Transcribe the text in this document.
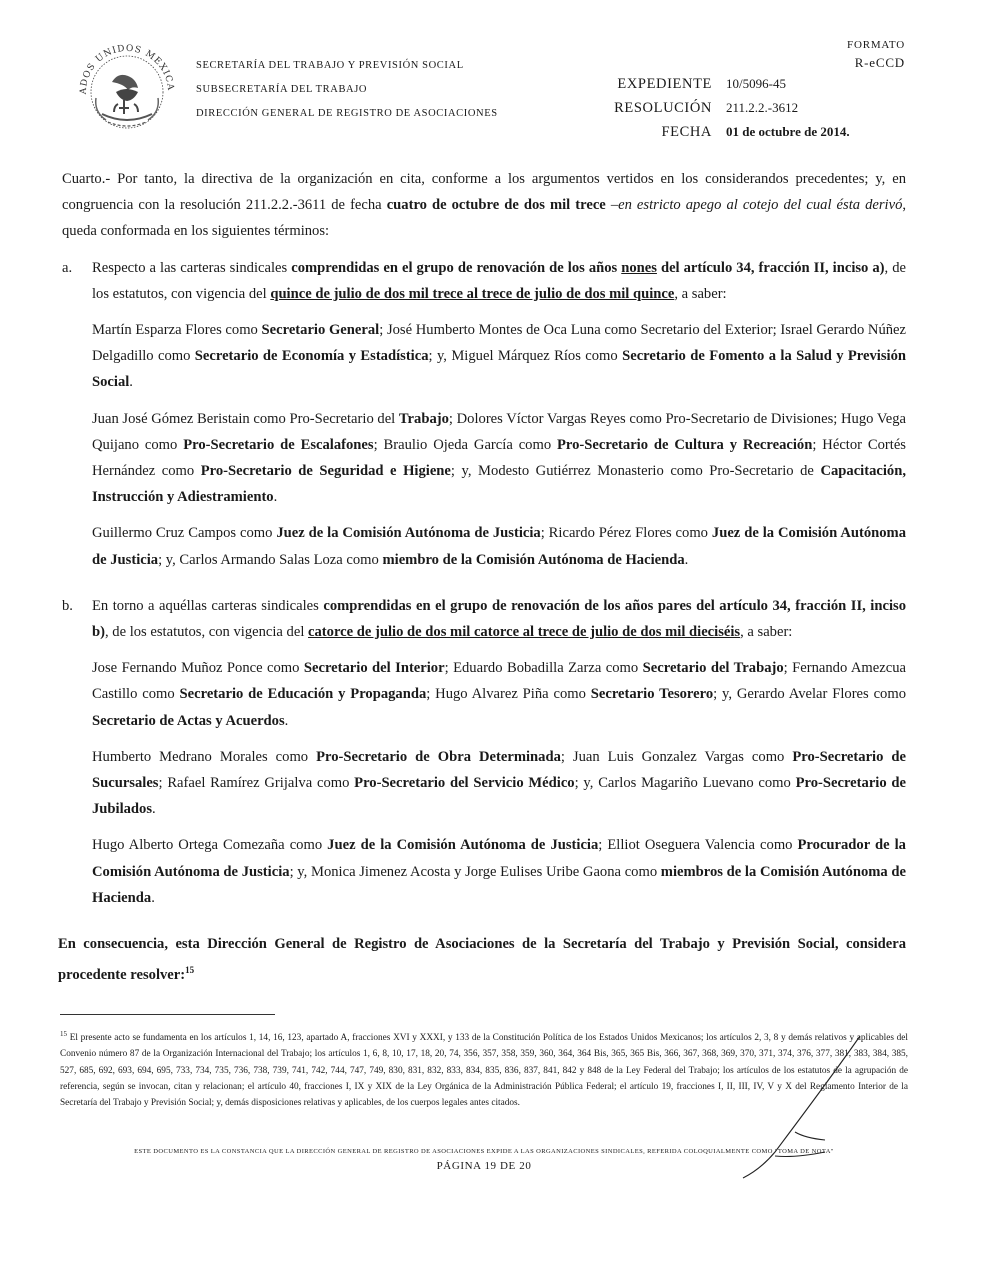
ADOS UNIDOS MEXICA
SECRETARÍA DEL TRABAJO Y PREVISIÓN SOCIAL
SUBSECRETARÍA DEL TRABAJO
DIRECCIÓN GENERAL DE REGISTRO DE ASOCIACIONES
FORMATO
R-eCCD
EXPEDIENTE 10/5096-45
RESOLUCIÓN 211.2.2.-3612
FECHA 01 de octubre de 2014.

Cuarto.- Por tanto, la directiva de la organización en cita, conforme a los argumentos vertidos en los considerandos precedentes; y, en congruencia con la resolución 211.2.2.-3611 de fecha cuatro de octubre de dos mil trece –en estricto apego al cotejo del cual ésta derivó, queda conformada en los siguientes términos:

a.	Respecto a las carteras sindicales comprendidas en el grupo de renovación de los años nones del artículo 34, fracción II, inciso a), de los estatutos, con vigencia del quince de julio de dos mil trece al trece de julio de dos mil quince, a saber:

Martín Esparza Flores como Secretario General; José Humberto Montes de Oca Luna como Secretario del Exterior; Israel Gerardo Núñez Delgadillo como Secretario de Economía y Estadística; y, Miguel Márquez Ríos como Secretario de Fomento a la Salud y Previsión Social.

Juan José Gómez Beristain como Pro-Secretario del Trabajo; Dolores Víctor Vargas Reyes como Pro-Secretario de Divisiones; Hugo Vega Quijano como Pro-Secretario de Escalafones; Braulio Ojeda García como Pro-Secretario de Cultura y Recreación; Héctor Cortés Hernández como Pro-Secretario de Seguridad e Higiene; y, Modesto Gutiérrez Monasterio como Pro-Secretario de Capacitación, Instrucción y Adiestramiento.

Guillermo Cruz Campos como Juez de la Comisión Autónoma de Justicia; Ricardo Pérez Flores como Juez de la Comisión Autónoma de Justicia; y, Carlos Armando Salas Loza como miembro de la Comisión Autónoma de Hacienda.

b.	En torno a aquéllas carteras sindicales comprendidas en el grupo de renovación de los años pares del artículo 34, fracción II, inciso b), de los estatutos, con vigencia del catorce de julio de dos mil catorce al trece de julio de dos mil dieciséis, a saber:

Jose Fernando Muñoz Ponce como Secretario del Interior; Eduardo Bobadilla Zarza como Secretario del Trabajo; Fernando Amezcua Castillo como Secretario de Educación y Propaganda; Hugo Alvarez Piña como Secretario Tesorero; y, Gerardo Avelar Flores como Secretario de Actas y Acuerdos.

Humberto Medrano Morales como Pro-Secretario de Obra Determinada; Juan Luis Gonzalez Vargas como Pro-Secretario de Sucursales; Rafael Ramírez Grijalva como Pro-Secretario del Servicio Médico; y, Carlos Magariño Luevano como Pro-Secretario de Jubilados.

Hugo Alberto Ortega Comezaña como Juez de la Comisión Autónoma de Justicia; Elliot Oseguera Valencia como Procurador de la Comisión Autónoma de Justicia; y, Monica Jimenez Acosta y Jorge Eulises Uribe Gaona como miembros de la Comisión Autónoma de Hacienda.

En consecuencia, esta Dirección General de Registro de Asociaciones de la Secretaría del Trabajo y Previsión Social, considera procedente resolver:$^{15}$

$^{15}$ El presente acto se fundamenta en los artículos 1, 14, 16, 123, apartado A, fracciones XVI y XXXI, y 133 de la Constitución Política de los Estados Unidos Mexicanos; los artículos 2, 3, 8 y demás relativos y aplicables del Convenio número 87 de la Organización Internacional del Trabajo; los artículos 1, 6, 8, 10, 17, 18, 20, 74, 356, 357, 358, 359, 360, 364, 364 Bis, 365, 365 Bis, 366, 367, 368, 369, 370, 371, 374, 376, 377, 381, 383, 384, 385, 527, 685, 692, 693, 694, 695, 733, 734, 735, 736, 738, 739, 741, 742, 744, 747, 749, 830, 831, 832, 833, 834, 835, 836, 837, 841, 842 y 848 de la Ley Federal del Trabajo; los artículos de los estatutos de la agrupación de referencia, según se invocan, citan y relacionan; el artículo 40, fracciones I, IX y XIX de la Ley Orgánica de la Administración Pública Federal; el artículo 19, fracciones I, II, III, IV, V y X del Reglamento Interior de la Secretaría del Trabajo y Previsión Social; y, demás disposiciones relativas y aplicables, de los cuerpos legales antes citados.
ESTE DOCUMENTO ES LA CONSTANCIA QUE LA DIRECCIÓN GENERAL DE REGISTRO DE ASOCIACIONES EXPIDE A LAS ORGANIZACIONES SINDICALES, REFERIDA COLOQUIALMENTE COMO "TOMA DE NOTA"
PÁGINA 19 DE 20
